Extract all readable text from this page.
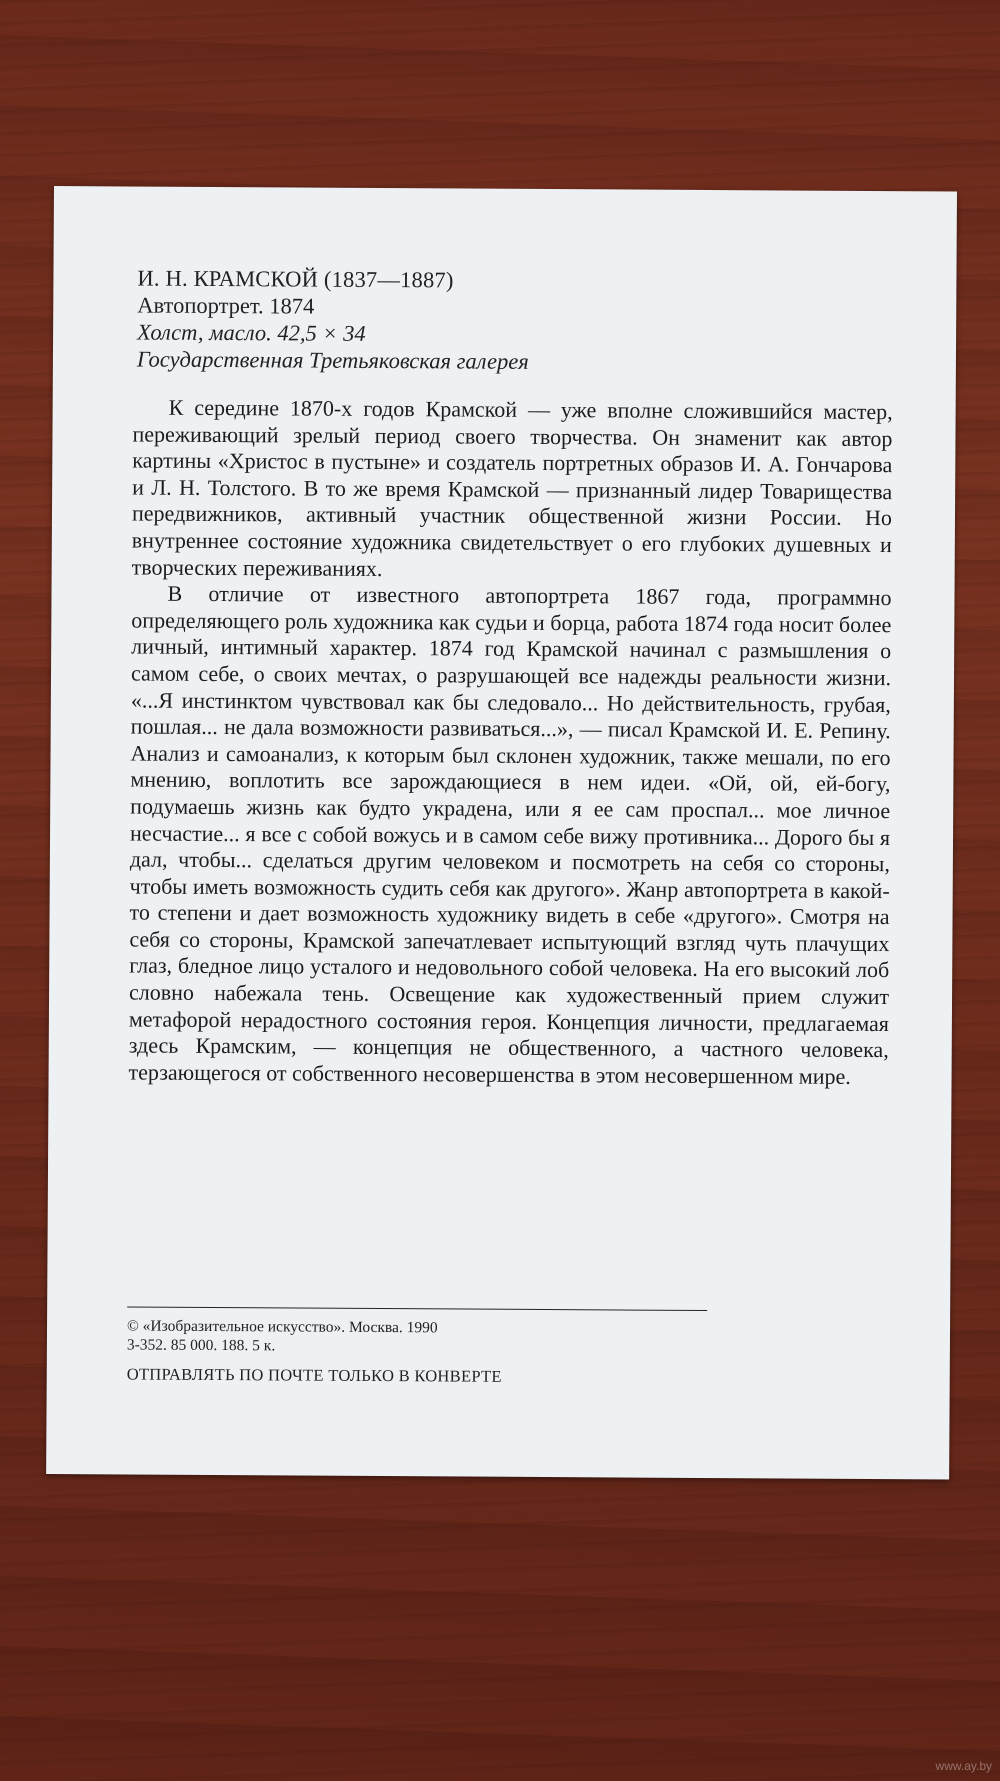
И. Н. КРАМСКОЙ (1837—1887)
Автопортрет. 1874
Холст, масло. 42,5 × 34
Государственная Третьяковская галерея

К середине 1870-х годов Крамской — уже вполне сложившийся мастер, переживающий зрелый период своего творчества. Он знаменит как автор картины «Христос в пустыне» и создатель портретных образов И. А. Гончарова и Л. Н. Толстого. В то же время Крамской — признанный лидер Товарищества передвижников, активный участник общественной жизни России. Но внутреннее состояние художника свидетельствует о его глубоких душевных и творческих переживаниях.

В отличие от известного автопортрета 1867 года, программно определяющего роль художника как судьи и борца, работа 1874 года носит более личный, интимный характер. 1874 год Крамской начинал с размышления о самом себе, о своих мечтах, о разрушающей все надежды реальности жизни. «...Я инстинктом чувствовал как бы следовало... Но действительность, грубая, пошлая... не дала возможности развиваться...», — писал Крамской И. Е. Репину. Анализ и самоанализ, к которым был склонен художник, также мешали, по его мнению, воплотить все зарождающиеся в нем идеи. «Ой, ой, ей-богу, подумаешь жизнь как будто украдена, или я ее сам проспал... мое личное несчастие... я все с собой вожусь и в самом себе вижу противника... Дорого бы я дал, чтобы... сделаться другим человеком и посмотреть на себя со стороны, чтобы иметь возможность судить себя как другого». Жанр автопортрета в какой-то степени и дает возможность художнику видеть в себе «другого». Смотря на себя со стороны, Крамской запечатлевает испытующий взгляд чуть плачущих глаз, бледное лицо усталого и недовольного собой человека. На его высокий лоб словно набежала тень. Освещение как художественный прием служит метафорой нерадостного состояния героя. Концепция личности, предлагаемая здесь Крамским, — концепция не общественного, а частного человека, терзающегося от собственного несовершенства в этом несовершенном мире.

© «Изобразительное искусство». Москва. 1990
3-352. 85 000. 188. 5 к.
ОТПРАВЛЯТЬ ПО ПОЧТЕ ТОЛЬКО В КОНВЕРТЕ
www.ay.by
